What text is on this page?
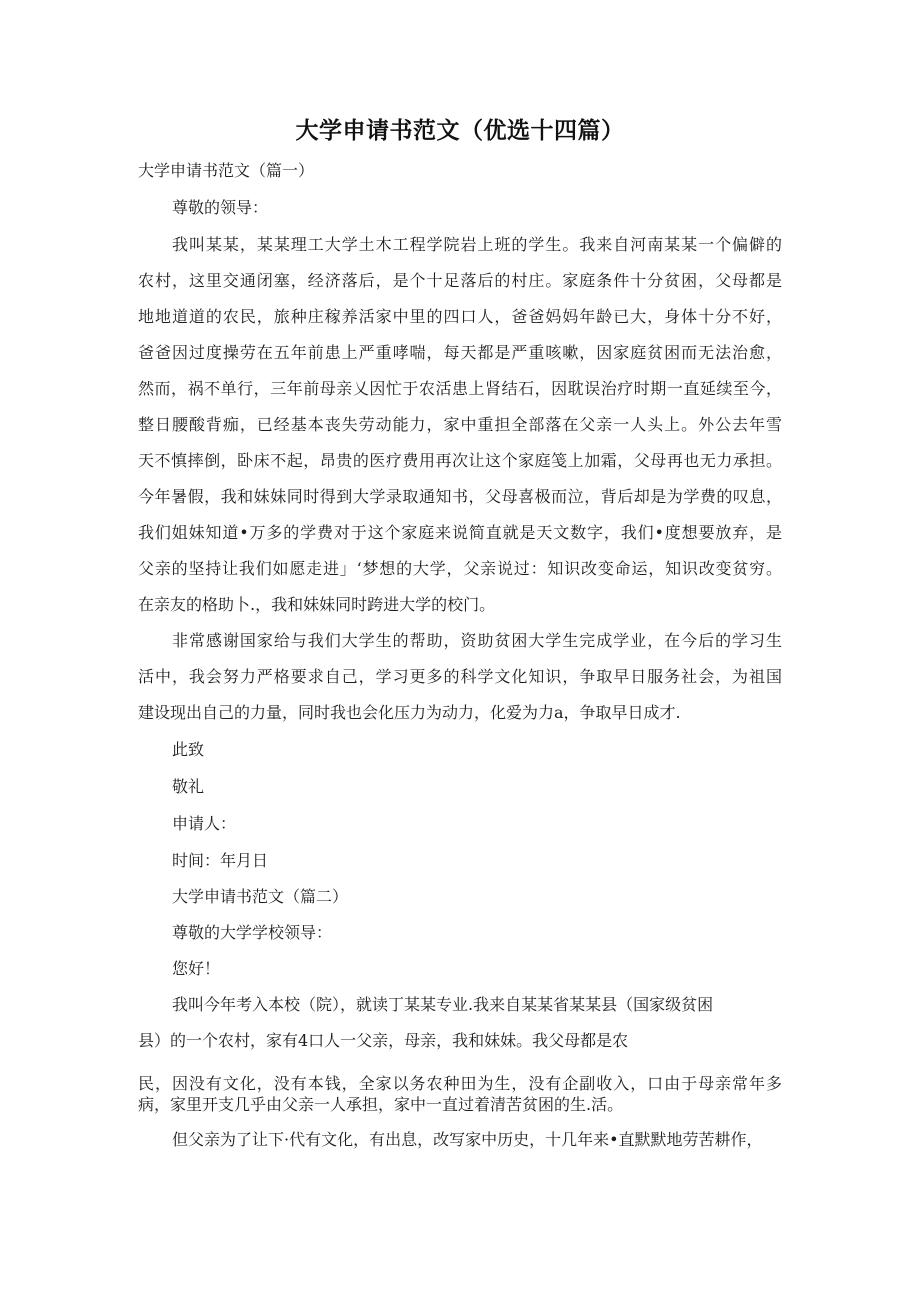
大学申请书范文（优选十四篇）
大学申请书范文（篇一）
尊敬的领导：
我叫某某，某某理工大学土木工程学院岩上班的学生。我来自河南某某一个偏僻的
农村，这里交通闭塞，经济落后，是个十足落后的村庄。家庭条件十分贫困，父母都是
地地道道的农民，旅种庄稼养活家中里的四口人，爸爸妈妈年龄已大，身体十分不好，
爸爸因过度操劳在五年前患上严重哮喘，每天都是严重咳嗽，因家庭贫困而无法治愈，
然而，祸不单行，三年前母亲乂因忙于农活患上肾结石，因耽误治疗时期一直延续至今，
整日腰酸背痂，已经基本丧失劳动能力，家中重担全部落在父亲一人头上。外公去年雪
天不慎摔倒，卧床不起，昂贵的医疗费用再次让这个家庭笺上加霜，父母再也无力承担。
今年暑假，我和妹妹同时得到大学录取通知书，父母喜极而泣，背后却是为学费的叹息，
我们姐妹知道•万多的学费对于这个家庭来说简直就是天文数字，我们•度想要放弃，是
父亲的坚持让我们如愿走进」‘梦想的大学，父亲说过：知识改变命运，知识改变贫穷。
在亲友的格助卜.，我和妹妹同时跨进大学的校门。
非常感谢国家给与我们大学生的帮助，资助贫困大学生完成学业，在今后的学习生
活中，我会努力严格要求自己，学习更多的科学文化知识，争取早日服务社会，为祖国
建设现出自己的力量，同时我也会化压力为动力，化爱为力a，争取早日成才.
此致
敬礼
申请人：
时间：年月日
大学申请书范文（篇二）
尊敬的大学学校领导：
您好！
我叫今年考入本校（院），就读丁某某专业.我来自某某省某某县（国家级贫困
县）的一个农村，家有4口人一父亲，母亲，我和妹妹。我父母都是农
民，因没有文化，没有本钱，全家以务农种田为生，没有企副收入，口由于母亲常年多
病，家里开支几乎由父亲一人承担，家中一直过着清苦贫困的生.活。
但父亲为了让下·代有文化，有出息，改写家中历史，十几年来•直默默地劳苦耕作，
